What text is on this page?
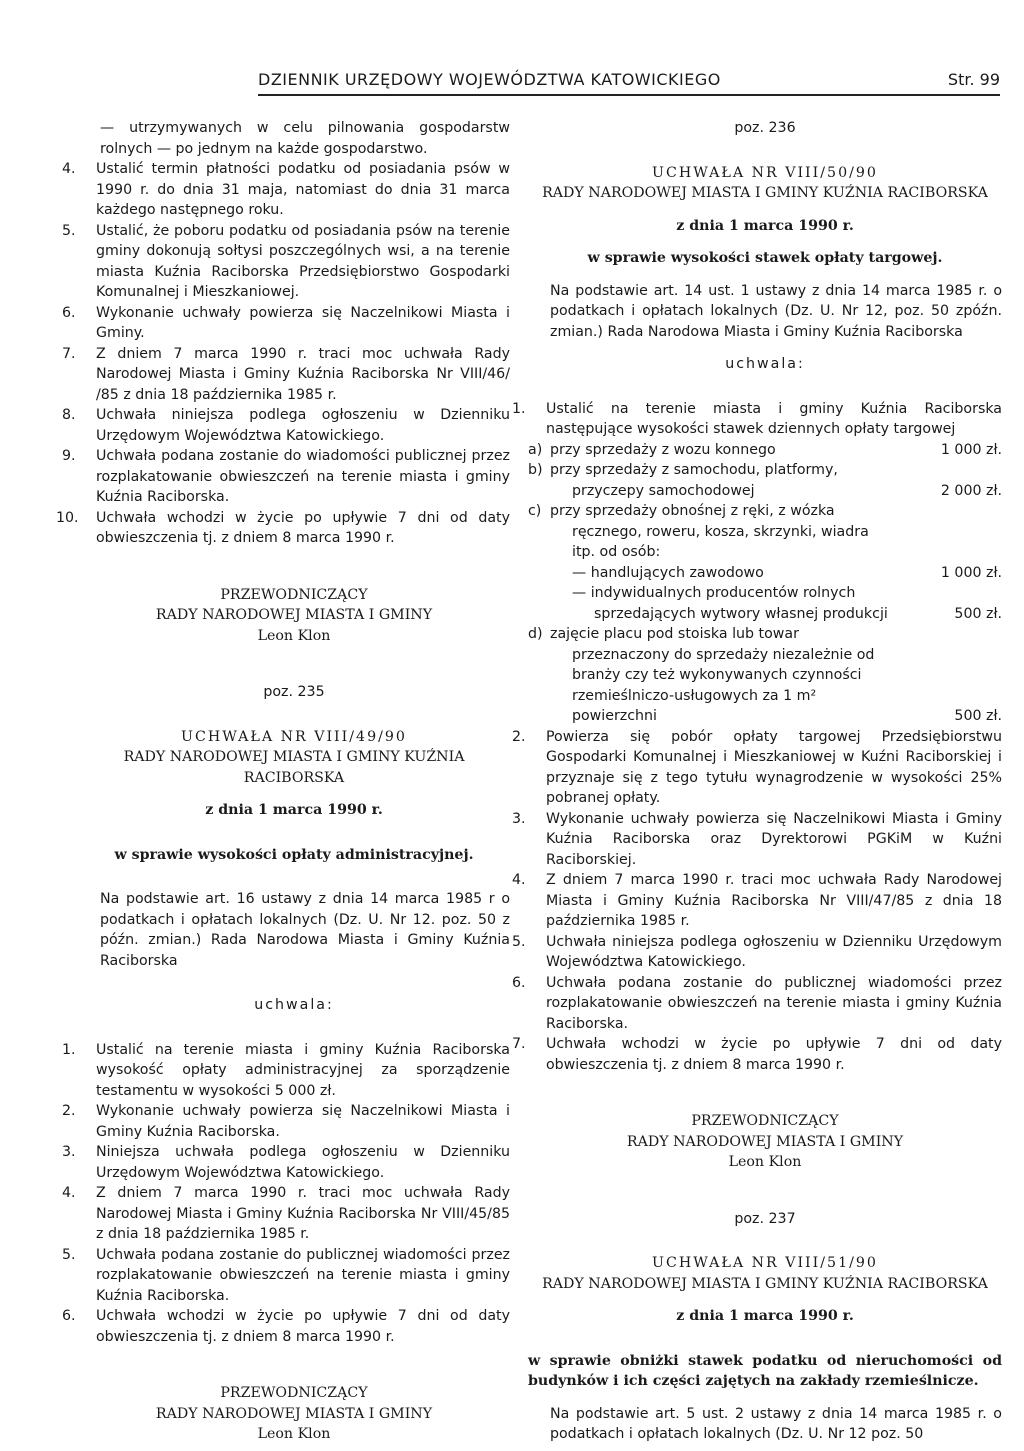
DZIENNIK URZĘDOWY WOJEWÓDZTWA KATOWICKIEGO	Str. 99

— utrzymywanych w celu pilnowania gospodarstw rolnych — po jednym na każde gospodarstwo.

4. Ustalić termin płatności podatku od posiadania psów w 1990 r. do dnia 31 maja, natomiast do dnia 31 marca każdego następnego roku.

5. Ustalić, że poboru podatku od posiadania psów na terenie gminy dokonują sołtysi poszczególnych wsi, a na terenie miasta Kuźnia Raciborska Przedsiębiorstwo Gospodarki Komunalnej i Mieszkaniowej.

6. Wykonanie uchwały powierza się Naczelnikowi Miasta i Gminy.

7. Z dniem 7 marca 1990 r. traci moc uchwała Rady Narodowej Miasta i Gminy Kuźnia Raciborska Nr VIII/46/ /85 z dnia 18 października 1985 r.

8. Uchwała niniejsza podlega ogłoszeniu w Dzienniku Urzędowym Województwa Katowickiego.

9. Uchwała podana zostanie do wiadomości publicznej przez rozplakatowanie obwieszczeń na terenie miasta i gminy Kuźnia Raciborska.

10. Uchwała wchodzi w życie po upływie 7 dni od daty obwieszczenia tj. z dniem 8 marca 1990 r.

PRZEWODNICZĄCY

RADY NARODOWEJ MIASTA I GMINY

Leon Klon

poz. 235

UCHWAŁA NR VIII/49/90

RADY NARODOWEJ MIASTA I GMINY KUŹNIA RACIBORSKA

z dnia 1 marca 1990 r.

w sprawie wysokości opłaty administracyjnej.

Na podstawie art. 16 ustawy z dnia 14 marca 1985 r o podatkach i opłatach lokalnych (Dz. U. Nr 12. poz. 50 z późn. zmian.) Rada Narodowa Miasta i Gminy Kuźnia Raciborska

uchwala:

1. Ustalić na terenie miasta i gminy Kuźnia Raciborska wysokość opłaty administracyjnej za sporządzenie testamentu w wysokości 5 000 zł.

2. Wykonanie uchwały powierza się Naczelnikowi Miasta i Gminy Kuźnia Raciborska.

3. Niniejsza uchwała podlega ogłoszeniu w Dzienniku Urzędowym Województwa Katowickiego.

4. Z dniem 7 marca 1990 r. traci moc uchwała Rady Narodowej Miasta i Gminy Kuźnia Raciborska Nr VIII/45/85 z dnia 18 października 1985 r.

5. Uchwała podana zostanie do publicznej wiadomości przez rozplakatowanie obwieszczeń na terenie miasta i gminy Kuźnia Raciborska.

6. Uchwała wchodzi w życie po upływie 7 dni od daty obwieszczenia tj. z dniem 8 marca 1990 r.

PRZEWODNICZĄCY

RADY NARODOWEJ MIASTA I GMINY

Leon Klon

poz. 236

UCHWAŁA NR VIII/50/90

RADY NARODOWEJ MIASTA I GMINY KUŹNIA RACIBORSKA

z dnia 1 marca 1990 r.

w sprawie wysokości stawek opłaty targowej.

Na podstawie art. 14 ust. 1 ustawy z dnia 14 marca 1985 r. o podatkach i opłatach lokalnych (Dz. U. Nr 12, poz. 50 zpóźn. zmian.) Rada Narodowa Miasta i Gminy Kuźnia Raciborska

uchwala:

1. Ustalić na terenie miasta i gminy Kuźnia Raciborska następujące wysokości stawek dziennych opłaty targowej

a) przy sprzedaży z wozu konnego	1 000 zł.
b) przy sprzedaży z samochodu, platformy,
przyczepy samochodowej	2 000 zł.
c) przy sprzedaży obnośnej z ręki, z wózka
ręcznego, roweru, kosza, skrzynki, wiadra
itp. od osób:
— handlujących zawodowo	1 000 zł.
— indywidualnych producentów rolnych
sprzedających wytwory własnej produkcji	500 zł.
d) zajęcie placu pod stoiska lub towar
przeznaczony do sprzedaży niezależnie od
branży czy też wykonywanych czynności
rzemieślniczo-usługowych za 1 m²
powierzchni	500 zł.

2. Powierza się pobór opłaty targowej Przedsiębiorstwu Gospodarki Komunalnej i Mieszkaniowej w Kuźni Raciborskiej i przyznaje się z tego tytułu wynagrodzenie w wysokości 25% pobranej opłaty.

3. Wykonanie uchwały powierza się Naczelnikowi Miasta i Gminy Kuźnia Raciborska oraz Dyrektorowi PGKiM w Kuźni Raciborskiej.

4. Z dniem 7 marca 1990 r. traci moc uchwała Rady Narodowej Miasta i Gminy Kuźnia Raciborska Nr VIII/47/85 z dnia 18 października 1985 r.

5. Uchwała niniejsza podlega ogłoszeniu w Dzienniku Urzędowym Województwa Katowickiego.

6. Uchwała podana zostanie do publicznej wiadomości przez rozplakatowanie obwieszczeń na terenie miasta i gminy Kuźnia Raciborska.

7. Uchwała wchodzi w życie po upływie 7 dni od daty obwieszczenia tj. z dniem 8 marca 1990 r.

PRZEWODNICZĄCY

RADY NARODOWEJ MIASTA I GMINY

Leon Klon

poz. 237

UCHWAŁA NR VIII/51/90

RADY NARODOWEJ MIASTA I GMINY KUŹNIA RACIBORSKA

z dnia 1 marca 1990 r.

w sprawie obniżki stawek podatku od nieruchomości od budynków i ich części zajętych na zakłady rzemieślnicze.

Na podstawie art. 5 ust. 2 ustawy z dnia 14 marca 1985 r. o podatkach i opłatach lokalnych (Dz. U. Nr 12 poz. 50
